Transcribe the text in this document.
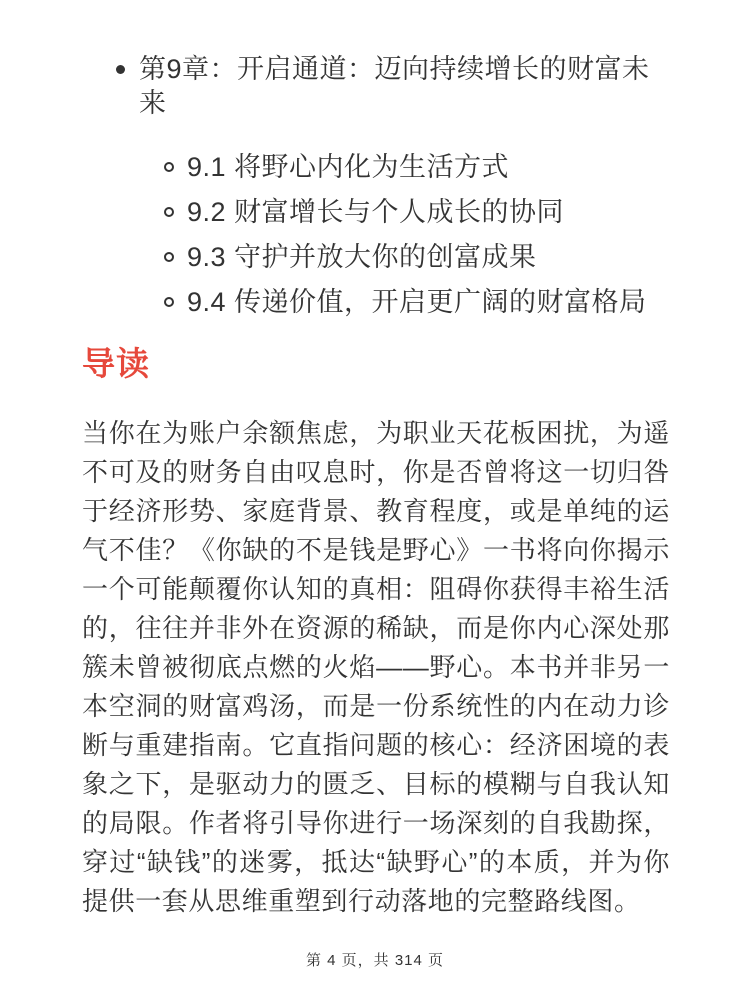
第9章：开启通道：迈向持续增长的财富未来
9.1 将野心内化为生活方式
9.2 财富增长与个人成长的协同
9.3 守护并放大你的创富成果
9.4 传递价值，开启更广阔的财富格局
导读

当你在为账户余额焦虑，为职业天花板困扰，为遥不可及的财务自由叹息时，你是否曾将这一切归咎于经济形势、家庭背景、教育程度，或是单纯的运气不佳？《你缺的不是钱是野心》一书将向你揭示一个可能颠覆你认知的真相：阻碍你获得丰裕生活的，往往并非外在资源的稀缺，而是你内心深处那簇未曾被彻底点燃的火焰——野心。本书并非另一本空洞的财富鸡汤，而是一份系统性的内在动力诊断与重建指南。它直指问题的核心：经济困境的表象之下，是驱动力的匮乏、目标的模糊与自我认知的局限。作者将引导你进行一场深刻的自我勘探，穿过“缺钱”的迷雾，抵达“缺野心”的本质，并为你提供一套从思维重塑到行动落地的完整路线图。

第 4 页，共 314 页
